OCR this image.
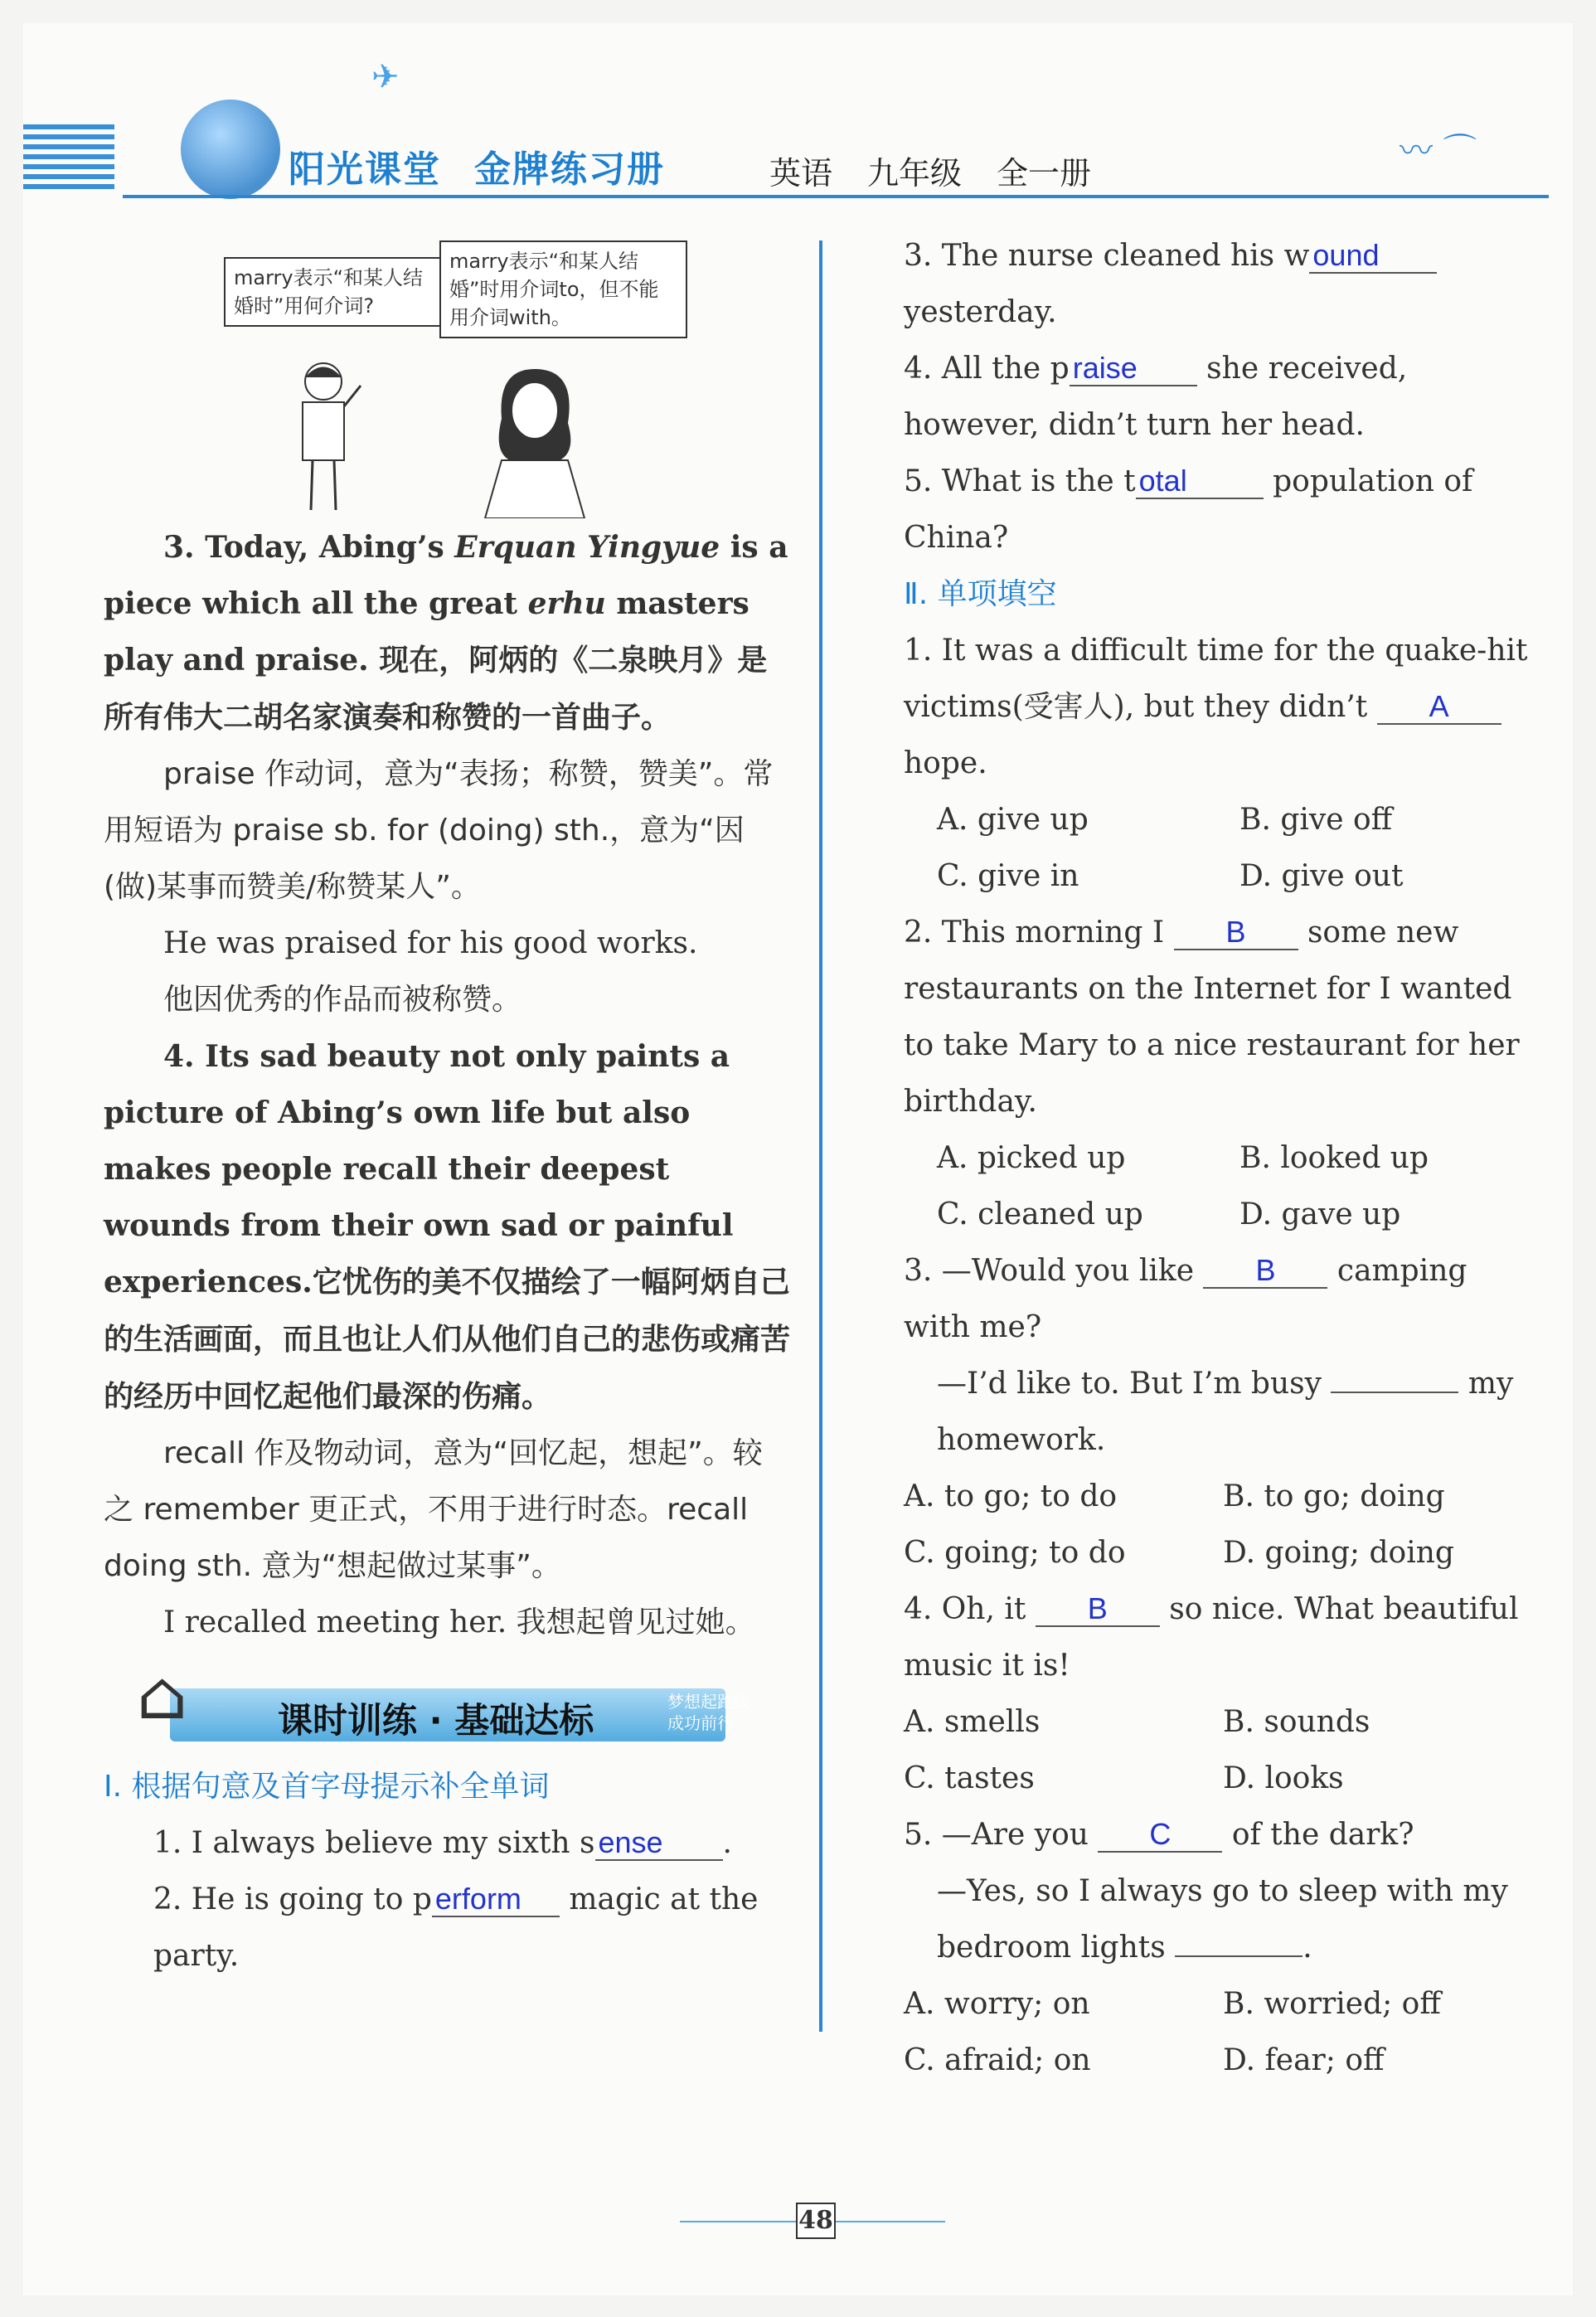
✈
阳光课堂 金牌练习册	英语 九年级 全一册
〰 ⌒
marry表示“和某人结婚时”用何介词?
marry表示“和某人结婚”时用介词to，但不能用介词with。

3. Today, Abing’s Erquan Yingyue is a piece which all the great erhu masters play and praise. 现在，阿炳的《二泉映月》是所有伟大二胡名家演奏和称赞的一首曲子。

praise 作动词，意为“表扬；称赞，赞美”。常用短语为 praise sb. for (doing) sth.，意为“因(做)某事而赞美/称赞某人”。

He was praised for his good works.

他因优秀的作品而被称赞。

4. Its sad beauty not only paints a picture of Abing’s own life but also makes people recall their deepest wounds from their own sad or painful experiences.它忧伤的美不仅描绘了一幅阿炳自己的生活画面，而且也让人们从他们自己的悲伤或痛苦的经历中回忆起他们最深的伤痛。

recall 作及物动词，意为“回忆起，想起”。较之 remember 更正式，不用于进行时态。recall doing sth. 意为“想起做过某事”。

I recalled meeting her. 我想起曾见过她。

⌂	课时训练 · 基础达标	梦想起跑线
成功前行

Ⅰ. 根据句意及首字母提示补全单词

1. I always believe my sixth s ense .

2. He is going to p erform magic at the party.

3. The nurse cleaned his w ound yesterday.

4. All the p raise she received, however, didn’t turn her head.

5. What is the t otal	population of China?

Ⅱ. 单项填空

1. It was a difficult time for the quake-hit victims(受害人), but they didn’t A hope.

A. give up	B. give off
C. give in	D. give out

2. This morning I B some new restaurants on the Internet for I wanted to take Mary to a nice restaurant for her birthday.

A. picked up	B. looked up
C. cleaned up	D. gave up

3. —Would you like B camping with me?

—I’d like to. But I’m busy	my homework.

A. to go; to do	B. to go; doing
C. going; to do	D. going; doing

4. Oh, it B so nice. What beautiful music it is!

A. smells	B. sounds
C. tastes	D. looks

5. —Are you C of the dark?

—Yes, so I always go to sleep with my bedroom lights	.

A. worry; on	B. worried; off
C. afraid; on	D. fear; off
48
